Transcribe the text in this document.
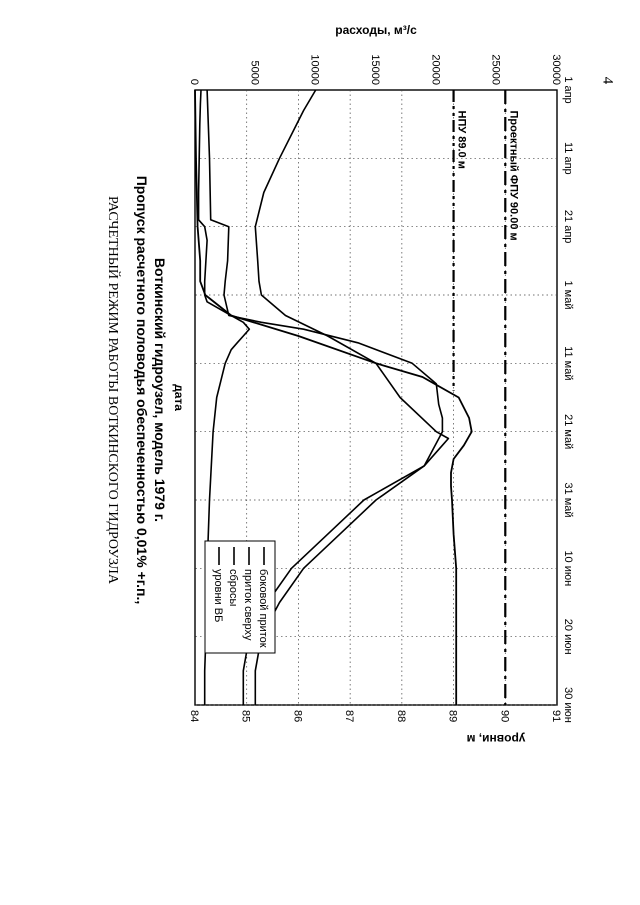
4
РАСЧЕТНЫЙ РЕЖИМ РАБОТЫ ВОТКИНСКОГО ГИДРОУЗЛА Пропуск расчетного половодья обеспеченностью 0,01% +г.п., Воткинский гидроузел, модель 1979 г.
1 апр
11 апр
21 апр
1 май
11 май
21 май
31 май
10 июн
20 июн
30 июн
84	85	86	87	88	89	90	91
0	5000	10000	15000	20000	25000	30000
Проектный ФПУ 90.00 м
НПУ 89.0 м
боковой приток
приток сверху
сбросы
уровни ВБ
дата
расходы, м³/с
уровни, м
